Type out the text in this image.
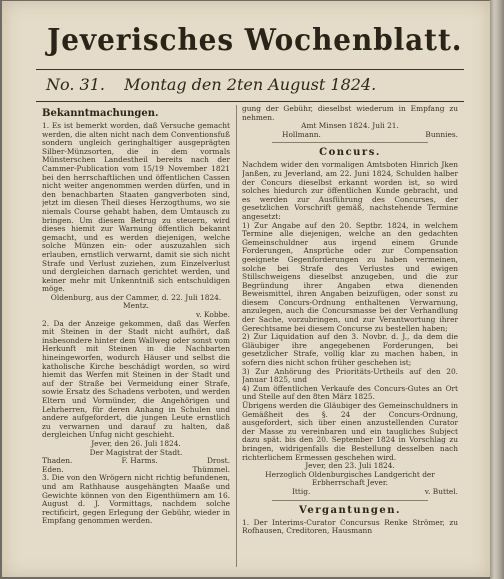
Jeverisches Wochenblatt.
No. 31. Montag den 2ten August 1824.
Bekanntmachungen.

1. Es ist bemerkt worden, daß Versuche gemacht werden, die alten nicht nach dem Conventionsfuß sondern ungleich geringhaltiger ausgeprägten Silber-Münzsorten, die in dem vormals Münsterschen Landestheil bereits nach der Cammer-Publication vom 15/19 November 1821 bei den herrschaftlichen und öffentlichen Cassen nicht weiter angenommen werden dürfen, und in den benachbarten Staaten gangverboten sind, jetzt im diesen Theil dieses Herzogthums, wo sie niemals Course gehabt haben, dem Umtausch zu bringen. Um diesem Betrug zu steuern, wird dieses hiemit zur Warnung öffentlich bekannt gemacht, und es werden diejenigen, welche solche Münzen ein- oder auszuzahlen sich erlauben, ernstlich verwarnt, damit sie sich nicht Strafe und Verlust zuziehen, zum Einzelverlust und dergleichen darnach gerichtet werden, und keiner mehr mit Unkenntniß sich entschuldigen möge.

Oldenburg, aus der Cammer, d. 22. Juli 1824.

Mentz.

v. Kobbe.

2. Da der Anzeige gekommen, daß das Werfen mit Steinen in der Stadt nicht aufhört, daß insbesondere hinter dem Wallweg oder sonst vom Herkunft mit Steinen in die Nachbarten hineingeworfen, wodurch Häuser und selbst die katholische Kirche beschädigt worden, so wird hiemit das Werfen mit Steinen in der Stadt und auf der Straße bei Vermeidung einer Strafe, sowie Ersatz des Schadens verboten, und werden Eltern und Vormünder, die Angehörigen und Lehrherren, für deren Anhang in Schulen und andere aufgefordert, die jungen Leute ernstlich zu verwarnen und darauf zu halten, daß dergleichen Unfug nicht geschieht.

Jever, den 26. Juli 1824.

Der Magistrat der Stadt.

Thaden.	F. Harms.	Drost.
Eden.	Thümmel.

3. Die von den Wrögern nicht richtig befundenen, und am Rathhause ausgehängten Maaße und Gewichte können von den Eigenthümern am 16. August d. J. Vormittags, nachdem solche rectificirt, gegen Erlegung der Gebühr, wieder in Empfang genommen werden.

gung der Gebühr, dieselbst wiederum in Empfang zu nehmen.

Amt Minsen 1824. Juli 21.

Hollmann.	Bunnies.
Concurs.

Nachdem wider den vormaligen Amtsboten Hinrich Jken Janßen, zu Jeverland, am 22. Juni 1824, Schulden halber der Concurs dieselbst erkannt worden ist, so wird solches hiedurch zur öffentlichen Kunde gebracht, und es werden zur Ausführung des Concurses, der gesetzlichen Vorschrift gemäß, nachstehende Termine angesetzt:

1) Zur Angabe auf den 20. Septbr. 1824, in welchem Termine alle diejenigen, welche an den gedachten Gemeinschuldner aus irgend einem Grunde Forderungen, Ansprüche oder zur Compensation geeignete Gegenforderungen zu haben vermeinen, solche bei Strafe des Verlustes und ewigen Stillschweigens dieselbst anzugeben, und die zur Begründung ihrer Angaben etwa dienenden Beweismittel, ihren Angaben beizufügen, oder sonst zu diesem Concurs-Ordnung enthaltenen Verwarnung, anzulegen, auch die Concursmasse bei der Verhandlung der Sache, vorzubringen, und zur Verantwortung ihrer Gerechtsame bei diesem Concurse zu bestellen haben;

2) Zur Liquidation auf den 3. Novbr. d. J., da dem die Gläubiger ihre angegebenen Forderungen, bei gesetzlicher Strafe, vollig klar zu machen haben, in sofern dies nicht schon früher geschehen ist;

3) Zur Anhörung des Prioritäts-Urtheils auf den 20. Januar 1825, und

4) Zum öffentlichen Verkaufe des Concurs-Gutes an Ort und Stelle auf den 8ten März 1825.

Übrigens werden die Gläubiger des Gemeinschuldners in Gemäßheit des §. 24 der Concurs-Ordnung, ausgefordert, sich über einen anzustellenden Curator der Masse zu vereinbaren und ein taugliches Subject dazu spät. bis den 20. September 1824 in Vorschlag zu bringen, widrigenfalls die Bestellung desselben nach richterlichem Ermessen geschehen wird.

Jever, den 23. Juli 1824.

Herzoglich Oldenburgisches Landgericht der

Erbherrschaft Jever.

Ittig.	v. Buttel.
Vergantungen.

1. Der Interims-Curator Concursus Renke Strömer, zu Rofhausen, Creditoren, Hausmann
